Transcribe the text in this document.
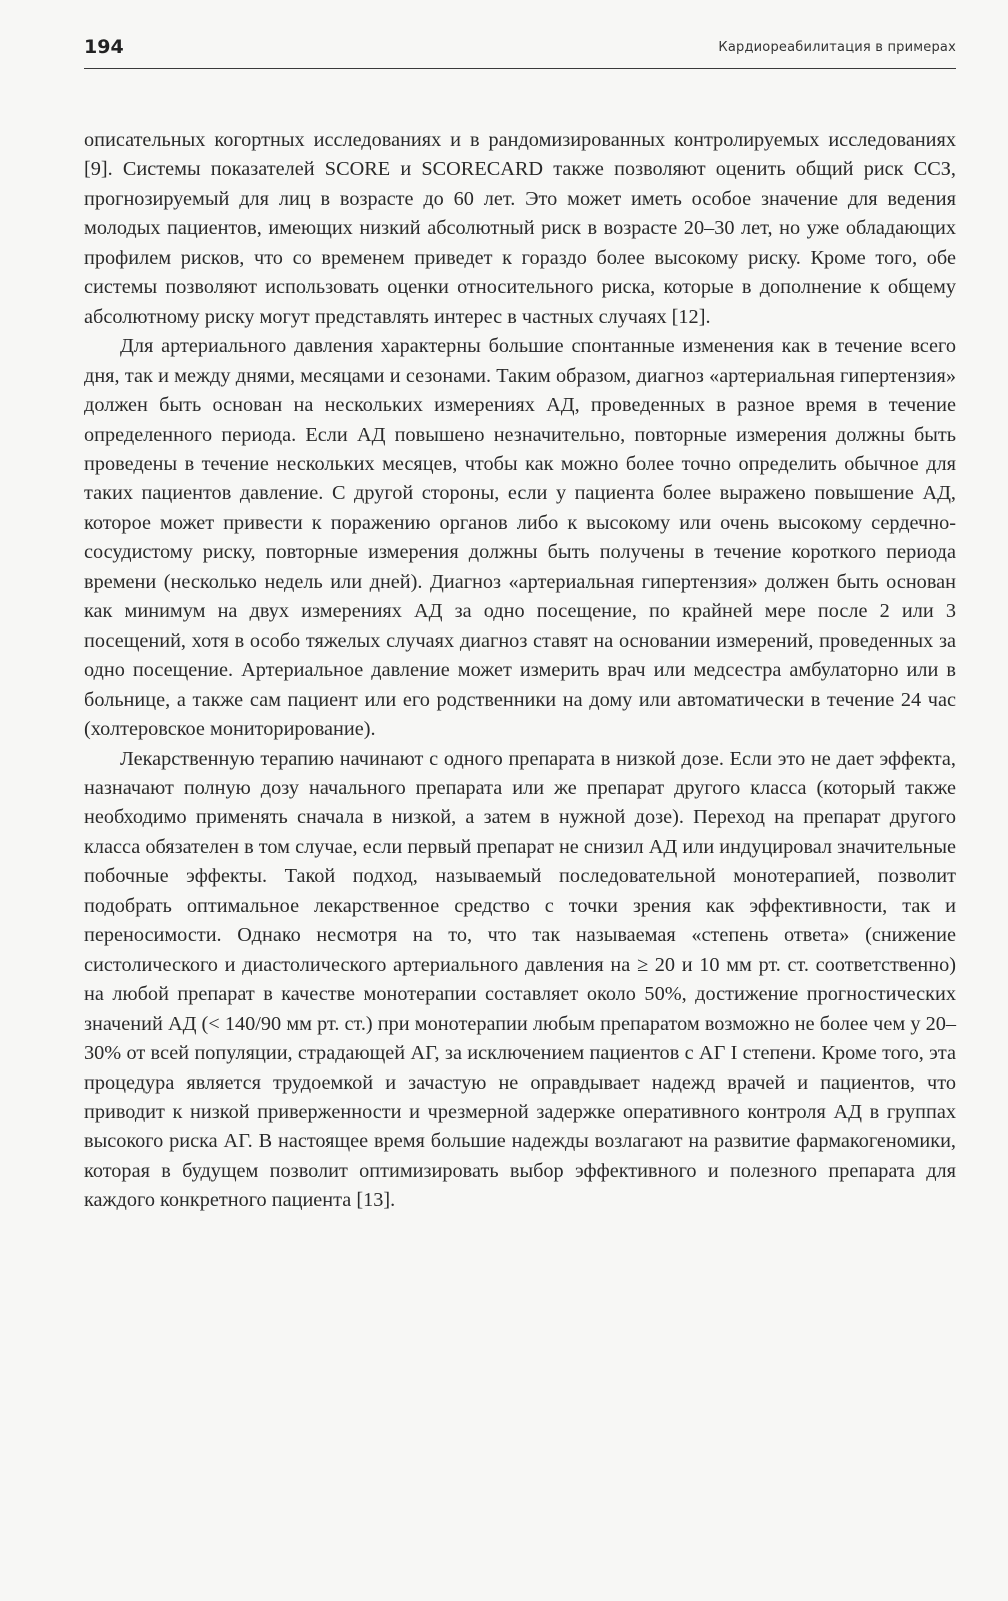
194	Кардиореабилитация в примерах

описательных когортных исследованиях и в рандомизированных контролируемых исследованиях [9]. Системы показателей SCORE и SCORECARD также позволяют оценить общий риск ССЗ, прогнозируемый для лиц в возрасте до 60 лет. Это может иметь особое значение для ведения молодых пациентов, имеющих низкий абсолютный риск в возрасте 20–30 лет, но уже обладающих профилем рисков, что со временем приведет к гораздо более высокому риску. Кроме того, обе системы позволяют использовать оценки относительного риска, которые в дополнение к общему абсолютному риску могут представлять интерес в частных случаях [12].

Для артериального давления характерны большие спонтанные изменения как в течение всего дня, так и между днями, месяцами и сезонами. Таким образом, диагноз «артериальная гипертензия» должен быть основан на нескольких измерениях АД, проведенных в разное время в течение определенного периода. Если АД повышено незначительно, повторные измерения должны быть проведены в течение нескольких месяцев, чтобы как можно более точно определить обычное для таких пациентов давление. С другой стороны, если у пациента более выражено повышение АД, которое может привести к поражению органов либо к высокому или очень высокому сердечно-сосудистому риску, повторные измерения должны быть получены в течение короткого периода времени (несколько недель или дней). Диагноз «артериальная гипертензия» должен быть основан как минимум на двух измерениях АД за одно посещение, по крайней мере после 2 или 3 посещений, хотя в особо тяжелых случаях диагноз ставят на основании измерений, проведенных за одно посещение. Артериальное давление может измерить врач или медсестра амбулаторно или в больнице, а также сам пациент или его родственники на дому или автоматически в течение 24 час (холтеровское мониторирование).

Лекарственную терапию начинают с одного препарата в низкой дозе. Если это не дает эффекта, назначают полную дозу начального препарата или же препарат другого класса (который также необходимо применять сначала в низкой, а затем в нужной дозе). Переход на препарат другого класса обязателен в том случае, если первый препарат не снизил АД или индуцировал значительные побочные эффекты. Такой подход, называемый последовательной монотерапией, позволит подобрать оптимальное лекарственное средство с точки зрения как эффективности, так и переносимости. Однако несмотря на то, что так называемая «степень ответа» (снижение систолического и диастолического артериального давления на ≥ 20 и 10 мм рт. ст. соответственно) на любой препарат в качестве монотерапии составляет около 50%, достижение прогностических значений АД (< 140/90 мм рт. ст.) при монотерапии любым препаратом возможно не более чем у 20–30% от всей популяции, страдающей АГ, за исключением пациентов с АГ I степени. Кроме того, эта процедура является трудоемкой и зачастую не оправдывает надежд врачей и пациентов, что приводит к низкой приверженности и чрезмерной задержке оперативного контроля АД в группах высокого риска АГ. В настоящее время большие надежды возлагают на развитие фармакогеномики, которая в будущем позволит оптимизировать выбор эффективного и полезного препарата для каждого конкретного пациента [13].
